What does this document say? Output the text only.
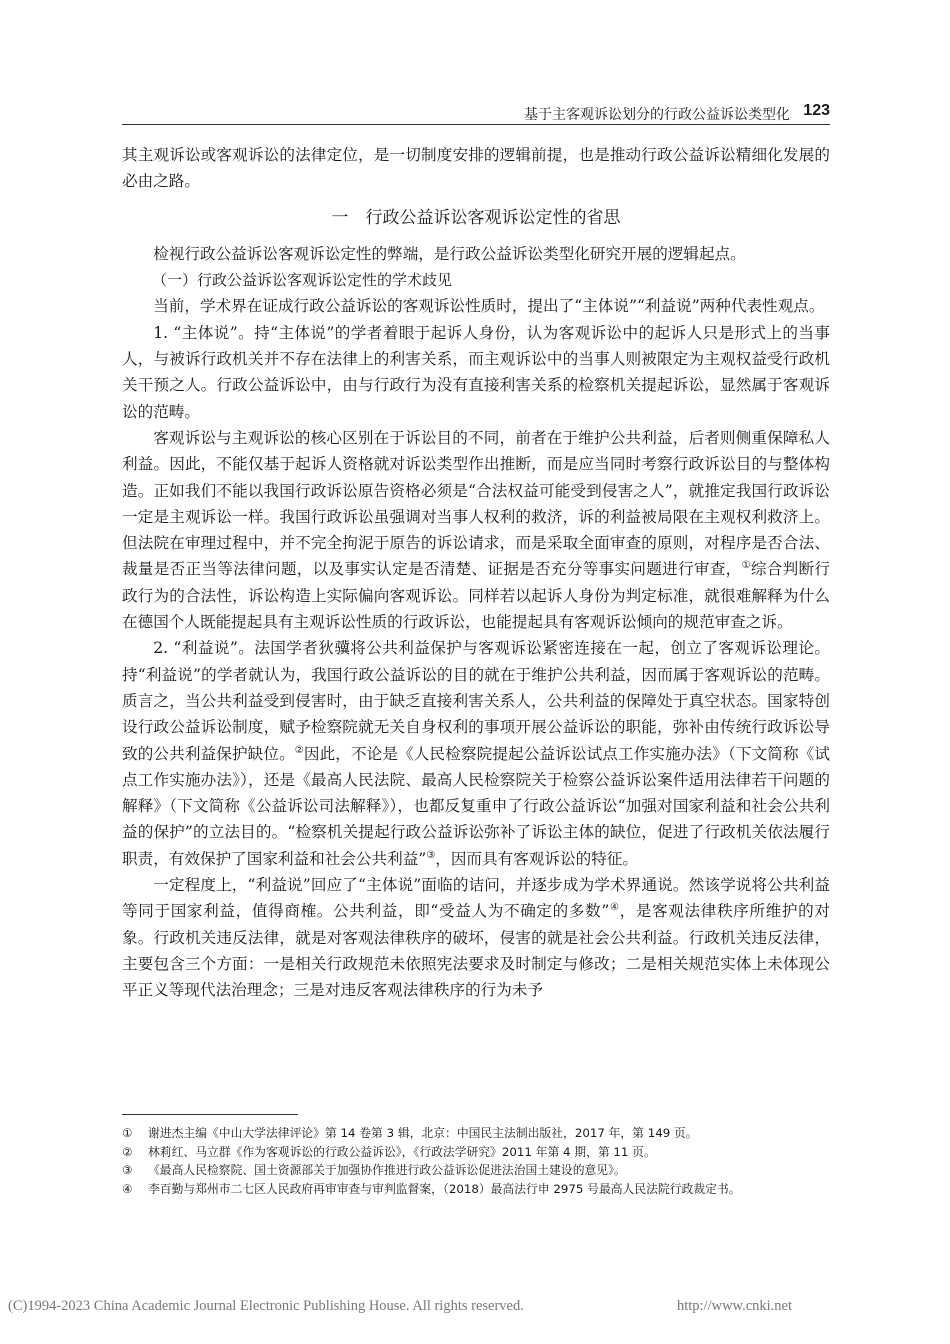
基于主客观诉讼划分的行政公益诉讼类型化 123

其主观诉讼或客观诉讼的法律定位，是一切制度安排的逻辑前提，也是推动行政公益诉讼精细化发展的必由之路。

一　行政公益诉讼客观诉讼定性的省思

检视行政公益诉讼客观诉讼定性的弊端，是行政公益诉讼类型化研究开展的逻辑起点。

（一）行政公益诉讼客观诉讼定性的学术歧见

当前，学术界在证成行政公益诉讼的客观诉讼性质时，提出了“主体说”“利益说”两种代表性观点。

1. “主体说”。持“主体说”的学者着眼于起诉人身份，认为客观诉讼中的起诉人只是形式上的当事人，与被诉行政机关并不存在法律上的利害关系，而主观诉讼中的当事人则被限定为主观权益受行政机关干预之人。行政公益诉讼中，由与行政行为没有直接利害关系的检察机关提起诉讼，显然属于客观诉讼的范畴。

客观诉讼与主观诉讼的核心区别在于诉讼目的不同，前者在于维护公共利益，后者则侧重保障私人利益。因此，不能仅基于起诉人资格就对诉讼类型作出推断，而是应当同时考察行政诉讼目的与整体构造。正如我们不能以我国行政诉讼原告资格必须是“合法权益可能受到侵害之人”，就推定我国行政诉讼一定是主观诉讼一样。我国行政诉讼虽强调对当事人权利的救济，诉的利益被局限在主观权利救济上。但法院在审理过程中，并不完全拘泥于原告的诉讼请求，而是采取全面审查的原则，对程序是否合法、裁量是否正当等法律问题，以及事实认定是否清楚、证据是否充分等事实问题进行审查，①综合判断行政行为的合法性，诉讼构造上实际偏向客观诉讼。同样若以起诉人身份为判定标准，就很难解释为什么在德国个人既能提起具有主观诉讼性质的行政诉讼，也能提起具有客观诉讼倾向的规范审查之诉。

2. “利益说”。法国学者狄骥将公共利益保护与客观诉讼紧密连接在一起，创立了客观诉讼理论。持“利益说”的学者就认为，我国行政公益诉讼的目的就在于维护公共利益，因而属于客观诉讼的范畴。质言之，当公共利益受到侵害时，由于缺乏直接利害关系人，公共利益的保障处于真空状态。国家特创设行政公益诉讼制度，赋予检察院就无关自身权利的事项开展公益诉讼的职能，弥补由传统行政诉讼导致的公共利益保护缺位。②因此，不论是《人民检察院提起公益诉讼试点工作实施办法》（下文简称《试点工作实施办法》），还是《最高人民法院、最高人民检察院关于检察公益诉讼案件适用法律若干问题的解释》（下文简称《公益诉讼司法解释》），也都反复重申了行政公益诉讼“加强对国家利益和社会公共利益的保护”的立法目的。“检察机关提起行政公益诉讼弥补了诉讼主体的缺位，促进了行政机关依法履行职责，有效保护了国家利益和社会公共利益”③，因而具有客观诉讼的特征。

一定程度上，“利益说”回应了“主体说”面临的诘问，并逐步成为学术界通说。然该学说将公共利益等同于国家利益，值得商榷。公共利益，即“受益人为不确定的多数”④，是客观法律秩序所维护的对象。行政机关违反法律，就是对客观法律秩序的破坏，侵害的就是社会公共利益。行政机关违反法律，主要包含三个方面：一是相关行政规范未依照宪法要求及时制定与修改；二是相关规范实体上未体现公平正义等现代法治理念；三是对违反客观法律秩序的行为未予

①	谢进杰主编《中山大学法律评论》第 14 卷第 3 辑，北京：中国民主法制出版社，2017 年，第 149 页。
②	林莉红、马立群《作为客观诉讼的行政公益诉讼》，《行政法学研究》2011 年第 4 期，第 11 页。
③	《最高人民检察院、国土资源部关于加强协作推进行政公益诉讼促进法治国土建设的意见》。
④	李百勤与郑州市二七区人民政府再审审查与审判监督案，（2018）最高法行申 2975 号最高人民法院行政裁定书。
(C)1994-2023 China Academic Journal Electronic Publishing House. All rights reserved.	http://www.cnki.net
